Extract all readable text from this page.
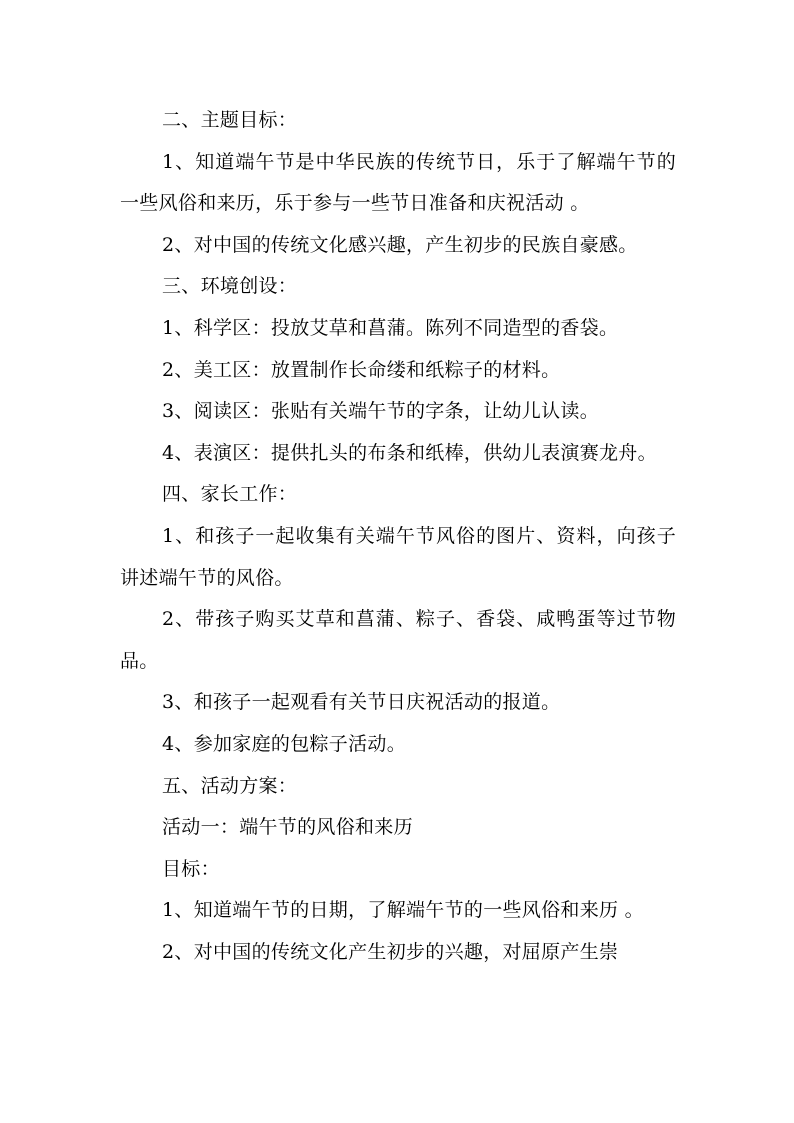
二、主题目标：
1、知道端午节是中华民族的传统节日，乐于了解端午节的一些风俗和来历，乐于参与一些节日准备和庆祝活动 。
2、对中国的传统文化感兴趣，产生初步的民族自豪感。
三、环境创设：
1、科学区：投放艾草和菖蒲。陈列不同造型的香袋。
2、美工区：放置制作长命缕和纸粽子的材料。
3、阅读区：张贴有关端午节的字条，让幼儿认读。
4、表演区：提供扎头的布条和纸棒，供幼儿表演赛龙舟。
四、家长工作：
1、和孩子一起收集有关端午节风俗的图片、资料，向孩子讲述端午节的风俗。
2、带孩子购买艾草和菖蒲、粽子、香袋、咸鸭蛋等过节物品。
3、和孩子一起观看有关节日庆祝活动的报道。
4、参加家庭的包粽子活动。
五、活动方案：
活动一：端午节的风俗和来历
目标：
1、知道端午节的日期，了解端午节的一些风俗和来历 。
2、对中国的传统文化产生初步的兴趣，对屈原产生崇
